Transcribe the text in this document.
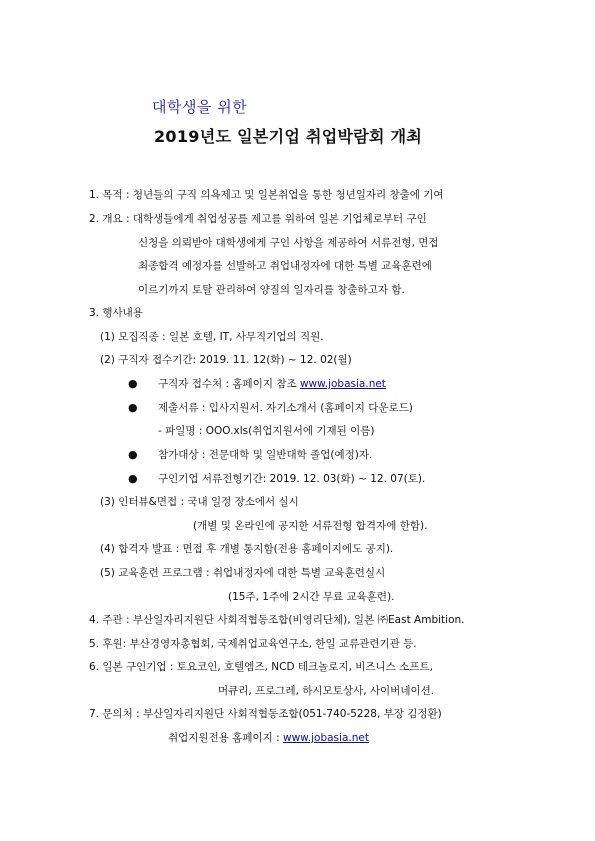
대학생을 위한
2019년도 일본기업 취업박람회 개최
1. 목적 : 청년들의 구직 의욕제고 및 일본취업을 통한 청년일자리 창출에 기여
2. 개요 : 대학생들에게 취업성공를 제고를 위하여 일본 기업체로부터 구인
신청을 의뢰받아 대학생에게 구인 사항을 제공하여 서류전형, 면접
최종합격 예정자를 선발하고 취업내정자에 대한 특별 교육훈련에
이르기까지 토탈 관리하여 양질의 일자리를 창출하고자 함.
3. 행사내용
(1) 모집직종 : 일본 호텔, IT, 사무직기업의 직원.
(2) 구직자 접수기간: 2019. 11. 12(화) ~ 12. 02(월)
● 구직자 접수처 : 홈페이지 참조 www.jobasia.net
● 제출서류 : 입사지원서. 자기소개서 (홈페이지 다운로드)
- 파일명 : OOO.xls(취업지원서에 기재된 이름)
● 참가대상 : 전문대학 및 일반대학 졸업(예정)자.
● 구인기업 서류전형기간: 2019. 12. 03(화) ~ 12. 07(토).
(3) 인터뷰&면접 : 국내 일정 장소에서 실시
(개별 및 온라인에 공지한 서류전형 합격자에 한함).
(4) 합격자 발표 : 면접 후 개별 통지함(전용 홈페이지에도 공지).
(5) 교육훈련 프로그램 : 취업내정자에 대한 특별 교육훈련실시
(15주, 1주에 2시간 무료 교육훈련).
4. 주관 : 부산일자리지원단 사회적협동조합(비영리단체), 일본 ㈜East Ambition.
5. 후원: 부산경영자총협회, 국제취업교육연구소, 한일 교류관련기관 등.
6. 일본 구인기업 : 토요코인, 호텔엠즈, NCD 테크놀로지, 비즈니스 소프트,
머큐리, 프로그레, 하시모토상사, 사이버네이션.
7. 문의처 : 부산일자리지원단 사회적협동조합(051-740-5228, 부장 김정환)
취업지원전용 홈페이지 : www.jobasia.net
